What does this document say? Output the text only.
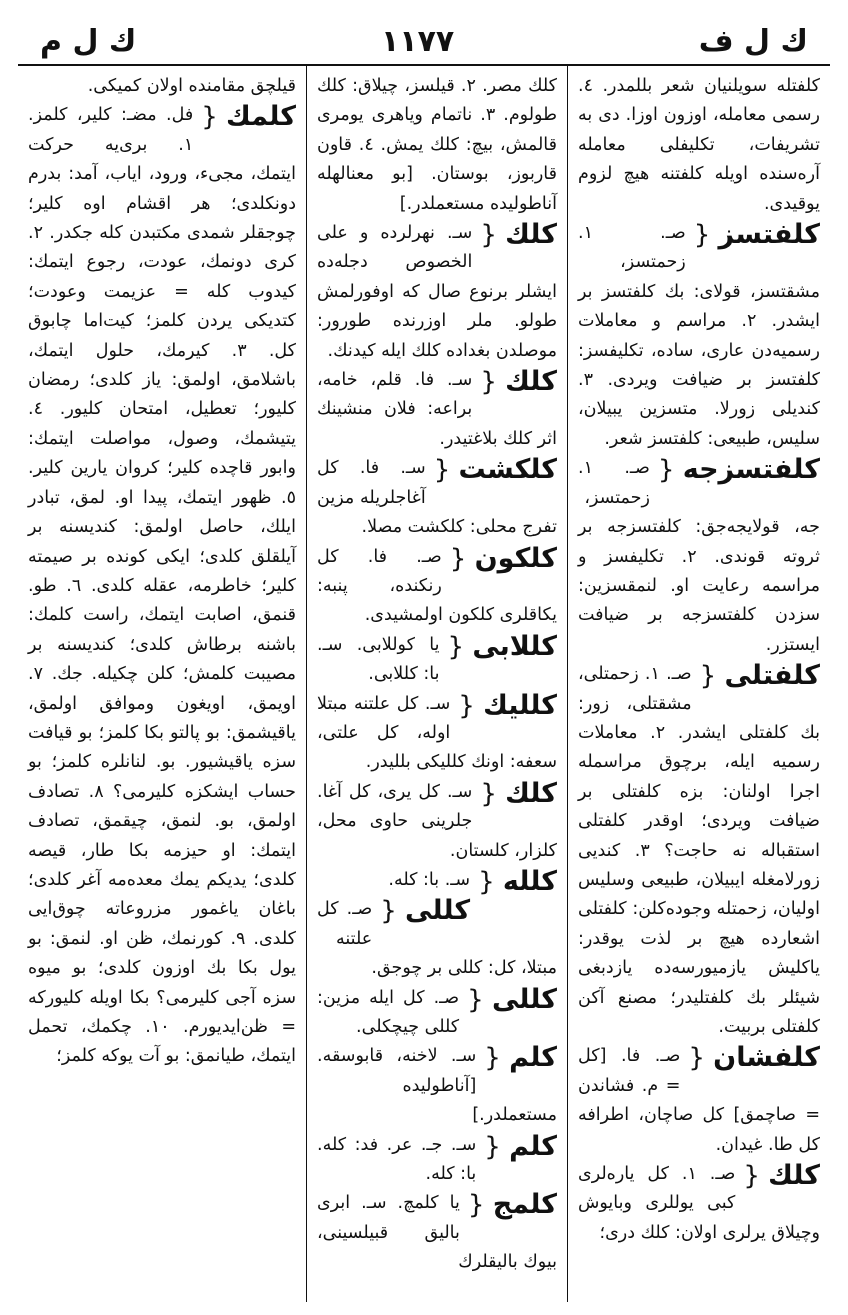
ك ل ف
١١٧٧
ك ل م
كلفتله سويلنيان شعر بللمدر. ٤. رسمى معامله، اوزون اوزا. دى به تشريفات، تكليفلى معامله آره‌سنده اويله كلفتنه هيچ لزوم يوقيدى.
كلفتسز {
صـ. ١. زحمتسز، مشقتسز، قولاى: بك كلفتسز بر ايشدر. ٢. مراسم و معاملات رسميه‌دن عارى، ساده، تكليفسز: كلفتسز بر ضيافت ويردى. ٣. كنديلى زورلا. متسزين يبيلان، سليس، طبيعى: كلفتسز شعر.
كلفتسزجه {
صـ. ١. زحمتسز، جه، قولايجه‌جق: كلفتسزجه بر ثروته قوندى. ٢. تكليفسز و مراسمه رعايت او. لنمقسزين: سزدن كلفتسزجه بر ضيافت ايستزر.
كلفتلى {
صـ. ١. زحمتلى، مشقتلى، زور: بك كلفتلى ايشدر. ٢. معاملات رسميه ايله، برچوق مراسمله اجرا اولنان: بزه كلفتلى بر ضيافت ويردى؛ اوقدر كلفتلى استقباله نه حاجت؟ ٣. كنديى زورلامغله ايبيلان، طبيعى وسليس اوليان، زحمتله وجوده‌كلن: كلفتلى اشعارده هيچ بر لذت يوقدر: ياكليش يازميورسه‌ده يازدبغى شيئلر بك كلفتليدر؛ مصنع آكن كلفتلى بربيت.
كلفشان {
صـ. فا. [كل = م. فشاندن = صاچمق] كل صاچان، اطرافه كل طا. غيدان.
كلك {
صـ. ١. كل يارەلرى كبى يوللرى وبايوش وچيلاق يرلرى اولان: كلك درى؛
كلك مصر. ٢. قيلسز، چيلاق: كلك طولوم. ٣. ناتمام وياهرى يومرى قالمش، بيچ: كلك يمش. ٤. قاون قاربوز، بوستان. [بو معنالهله آناطوليده مستعملدر.]
كلك {
سـ. نهرلرده و على الخصوص دجله‌ده ايشلر برنوع صال كه اوفورلمش طولو. ملر اوزرنده طورور: موصلدن بغداده كلك ايله كيدنك.
كلك {
سـ. فا. قلم، خامه، براعه: فلان منشينك اثر كلك بلاغتيدر.
كلكشت {
سـ. فا. كل آغاجلريله مزين تفرج محلى: كلكشت مصلا.
كلكون {
صـ. فا. كل رنكنده، پنبه: يكاقلرى كلكون اولمشيدى.
كللابى {
يا كوللابى. سـ. با: كللابى.
كلليك {
سـ. كل علتنه مبتلا اوله، كل علتى، سعفه: اونك كلليكى بلليدر.
كلك {
سـ. كل يرى، كل آغا. جلرينى حاوى محل، كلزار، كلستان.
كلله {
سـ. با: كله.
كللى {
صـ. كل علتنه مبتلا، كل: كللى بر چوجق.
كللى {
صـ. كل ايله مزين: كللى چيچكلى.
كلم {
سـ. لاخنه، قابوسقه. [آناطوليده مستعملدر.]
كلم {
سـ. جـ. عر. فد: كله. با: كله.
كلمج {
يا كلمچ. سـ. ابرى باليق قبيلسينى، بيوك باليقلرك
قيلچق مقامنده اولان كميكى.
كلمك {
فل. مضـ: كلير، كلمز. ١. برى‌يه حركت ايتمك، مجىء، ورود، اياب، آمد: بدرم دونكلدى؛ هر اقشام اوه كلير؛ چوجقلر شمدى مكتبدن كله جكدر. ٢. كرى دونمك، عودت، رجوع ايتمك: كيدوب كله = عزيمت وعودت؛ كتديكى يردن كلمز؛ كيت‌اما چابوق كل. ٣. كيرمك، حلول ايتمك، باشلامق، اولمق: ياز كلدى؛ رمضان كليور؛ تعطيل، امتحان كليور. ٤. يتيشمك، وصول، مواصلت ايتمك: وابور قاچده كلير؛ كروان يارين كلير. ٥. ظهور ايتمك، پيدا او. لمق، تبادر ايلك، حاصل اولمق: كنديسنه بر آيلقلق كلدى؛ ايكى كونده بر صيمته كلير؛ خاطرمه، عقله كلدى. ٦. طو. قنمق، اصابت ايتمك، راست كلمك: باشنه برطاش كلدى؛ كنديسنه بر مصيبت كلمش؛ كلن چكيله. جك. ٧. اويمق، اويغون وموافق اولمق، ياقيشمق: بو پالتو بكا كلمز؛ بو قيافت سزه ياقيشيور. بو. لنانلره كلمز؛ بو حساب ايشكزه كليرمى؟ ٨. تصادف اولمق، بو. لنمق، چيقمق، تصادف ايتمك: او حيزمه بكا طار، قيصه كلدى؛ يديكم يمك معدەمه آغر كلدى؛ باغان ياغمور مزروعاته چوق‌ايى كلدى. ٩. كورنمك، ظن او. لنمق: بو يول بكا بك اوزون كلدى؛ بو ميوه سزه آجى كليرمى؟ بكا اويله كليوركه = ظن‌ايديورم. ١٠. چكمك، تحمل ايتمك، طيانمق: بو آت يوكه كلمز؛
